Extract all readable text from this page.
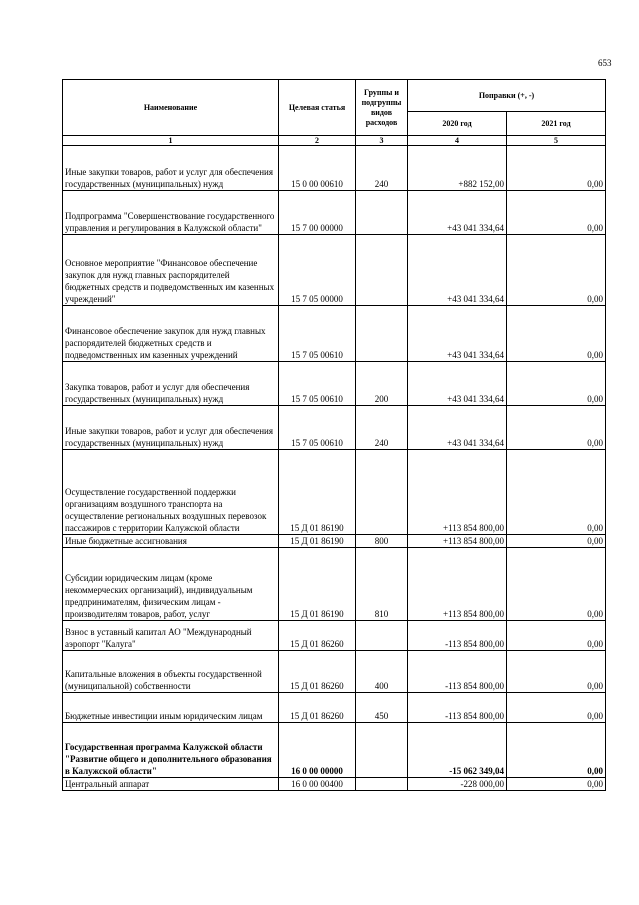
653
Наименование	Целевая статья	Группы и подгруппы видов расходов	Поправки (+, -)	
			2020 год	2021 год
1	2	3	4	5
Иные закупки товаров, работ и услуг для обеспечения государственных (муниципальных) нужд	15 0 00 00610	240	+882 152,00	0,00
Подпрограмма "Совершенствование государственного управления и регулирования в Калужской области"	15 7 00 00000		+43 041 334,64	0,00
Основное мероприятие "Финансовое обеспечение закупок для нужд главных распорядителей бюджетных средств и подведомственных им казенных учреждений"	15 7 05 00000		+43 041 334,64	0,00
Финансовое обеспечение закупок для нужд главных распорядителей бюджетных средств и подведомственных им казенных учреждений	15 7 05 00610		+43 041 334,64	0,00
Закупка товаров, работ и услуг для обеспечения государственных (муниципальных) нужд	15 7 05 00610	200	+43 041 334,64	0,00
Иные закупки товаров, работ и услуг для обеспечения государственных (муниципальных) нужд	15 7 05 00610	240	+43 041 334,64	0,00
Осуществление государственной поддержки организациям воздушного транспорта на осуществление региональных воздушных перевозок пассажиров с территории Калужской области	15 Д 01 86190		+113 854 800,00	0,00
Иные бюджетные ассигнования	15 Д 01 86190	800	+113 854 800,00	0,00
Субсидии юридическим лицам (кроме некоммерческих организаций), индивидуальным предпринимателям, физическим лицам - производителям товаров, работ, услуг	15 Д 01 86190	810	+113 854 800,00	0,00
Взнос в уставный капитал АО "Международный аэропорт "Калуга"	15 Д 01 86260		-113 854 800,00	0,00
Капитальные вложения в объекты государственной (муниципальной) собственности	15 Д 01 86260	400	-113 854 800,00	0,00
Бюджетные инвестиции иным юридическим лицам	15 Д 01 86260	450	-113 854 800,00	0,00
Государственная программа Калужской области "Развитие общего и дополнительного образования в Калужской области"	16 0 00 00000		-15 062 349,04	0,00
Центральный аппарат	16 0 00 00400		-228 000,00	0,00
